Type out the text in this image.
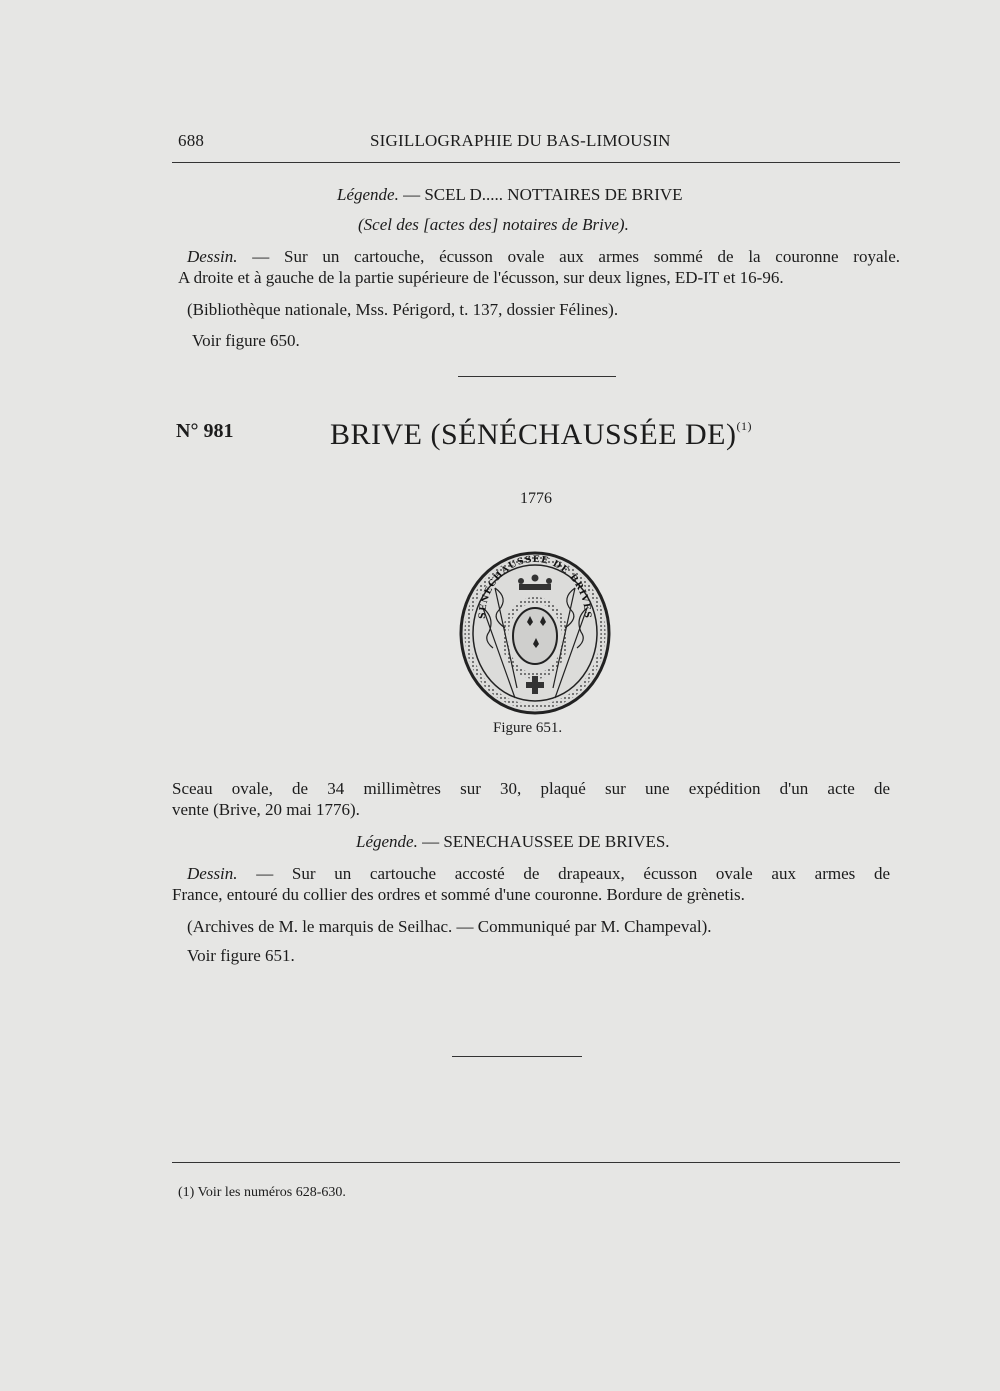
688	SIGILLOGRAPHIE DU BAS-LIMOUSIN
Légende. — SCEL D..... NOTTAIRES DE BRIVE
(Scel des [actes des] notaires de Brive).
Dessin. — Sur un cartouche, écusson ovale aux armes sommé de la couronne royale.
A droite et à gauche de la partie supérieure de l'écusson, sur deux lignes, ED-IT et 16-96.
(Bibliothèque nationale, Mss. Périgord, t. 137, dossier Félines).
Voir figure 650.
N° 981	BRIVE (SÉNÉCHAUSSÉE DE)$^{(1)}$
1776
SENECHAUSSEE DE BRIVES
Figure 651.
Sceau ovale, de 34 millimètres sur 30, plaqué sur une expédition d'un acte de
vente (Brive, 20 mai 1776).
Légende. — SENECHAUSSEE DE BRIVES.
Dessin. — Sur un cartouche accosté de drapeaux, écusson ovale aux armes de
France, entouré du collier des ordres et sommé d'une couronne. Bordure de grènetis.
(Archives de M. le marquis de Seilhac. — Communiqué par M. Champeval).
Voir figure 651.
(1) Voir les numéros 628-630.
